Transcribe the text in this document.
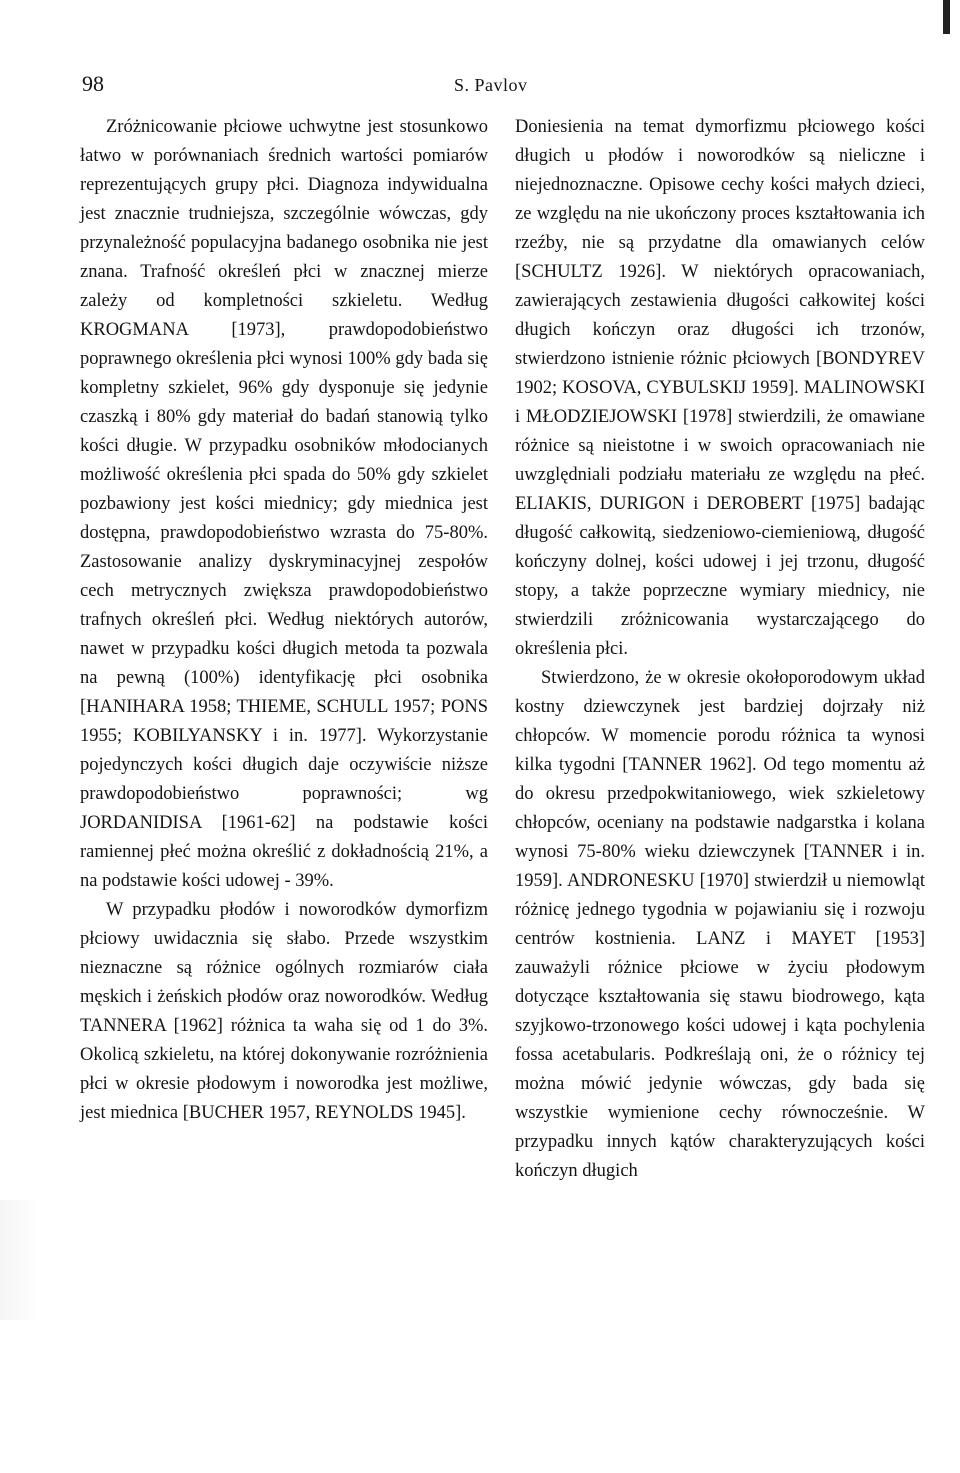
98	S. Pavlov

Zróżnicowanie płciowe uchwytne jest stosunkowo łatwo w porównaniach średnich wartości pomiarów reprezentujących grupy płci. Diagnoza indywidualna jest znacznie trudniejsza, szczególnie wówczas, gdy przynależność populacyjna badanego osobnika nie jest znana. Trafność określeń płci w znacznej mierze zależy od kompletności szkieletu. Według KROGMANA [1973], prawdopodobieństwo poprawnego określenia płci wynosi 100% gdy bada się kompletny szkielet, 96% gdy dysponuje się jedynie czaszką i 80% gdy materiał do badań stanowią tylko kości długie. W przypadku osobników młodocianych możliwość określenia płci spada do 50% gdy szkielet pozbawiony jest kości miednicy; gdy miednica jest dostępna, prawdopodobieństwo wzrasta do 75-80%. Zastosowanie analizy dyskryminacyjnej zespołów cech metrycznych zwiększa prawdopodobieństwo trafnych określeń płci. Według niektórych autorów, nawet w przypadku kości długich metoda ta pozwala na pewną (100%) identyfikację płci osobnika [HANIHARA 1958; THIEME, SCHULL 1957; PONS 1955; KOBILYANSKY i in. 1977]. Wykorzystanie pojedynczych kości długich daje oczywiście niższe prawdopodobieństwo poprawności; wg JORDANIDISA [1961-62] na podstawie kości ramiennej płeć można określić z dokładnością 21%, a na podstawie kości udowej - 39%.

W przypadku płodów i noworodków dymorfizm płciowy uwidacznia się słabo. Przede wszystkim nieznaczne są różnice ogólnych rozmiarów ciała męskich i żeńskich płodów oraz noworodków. Według TANNERA [1962] różnica ta waha się od 1 do 3%. Okolicą szkieletu, na której dokonywanie rozróżnienia płci w okresie płodowym i noworodka jest możliwe, jest miednica [BUCHER 1957, REYNOLDS 1945].

Doniesienia na temat dymorfizmu płciowego kości długich u płodów i noworodków są nieliczne i niejednoznaczne. Opisowe cechy kości małych dzieci, ze względu na nie ukończony proces kształtowania ich rzeźby, nie są przydatne dla omawianych celów [SCHULTZ 1926]. W niektórych opracowaniach, zawierających zestawienia długości całkowitej kości długich kończyn oraz długości ich trzonów, stwierdzono istnienie różnic płciowych [BONDYREV 1902; KOSOVA, CYBULSKIJ 1959]. MALINOWSKI i MŁODZIEJOWSKI [1978] stwierdzili, że omawiane różnice są nieistotne i w swoich opracowaniach nie uwzględniali podziału materiału ze względu na płeć. ELIAKIS, DURIGON i DEROBERT [1975] badając długość całkowitą, siedzeniowo-ciemieniową, długość kończyny dolnej, kości udowej i jej trzonu, długość stopy, a także poprzeczne wymiary miednicy, nie stwierdzili zróżnicowania wystarczającego do określenia płci.

Stwierdzono, że w okresie okołoporodowym układ kostny dziewczynek jest bardziej dojrzały niż chłopców. W momencie porodu różnica ta wynosi kilka tygodni [TANNER 1962]. Od tego momentu aż do okresu przedpokwitaniowego, wiek szkieletowy chłopców, oceniany na podstawie nadgarstka i kolana wynosi 75-80% wieku dziewczynek [TANNER i in. 1959]. ANDRONESKU [1970] stwierdził u niemowląt różnicę jednego tygodnia w pojawianiu się i rozwoju centrów kostnienia. LANZ i MAYET [1953] zauważyli różnice płciowe w życiu płodowym dotyczące kształtowania się stawu biodrowego, kąta szyjkowo-trzonowego kości udowej i kąta pochylenia fossa acetabularis. Podkreślają oni, że o różnicy tej można mówić jedynie wówczas, gdy bada się wszystkie wymienione cechy równocześnie. W przypadku innych kątów charakteryzujących kości kończyn długich
